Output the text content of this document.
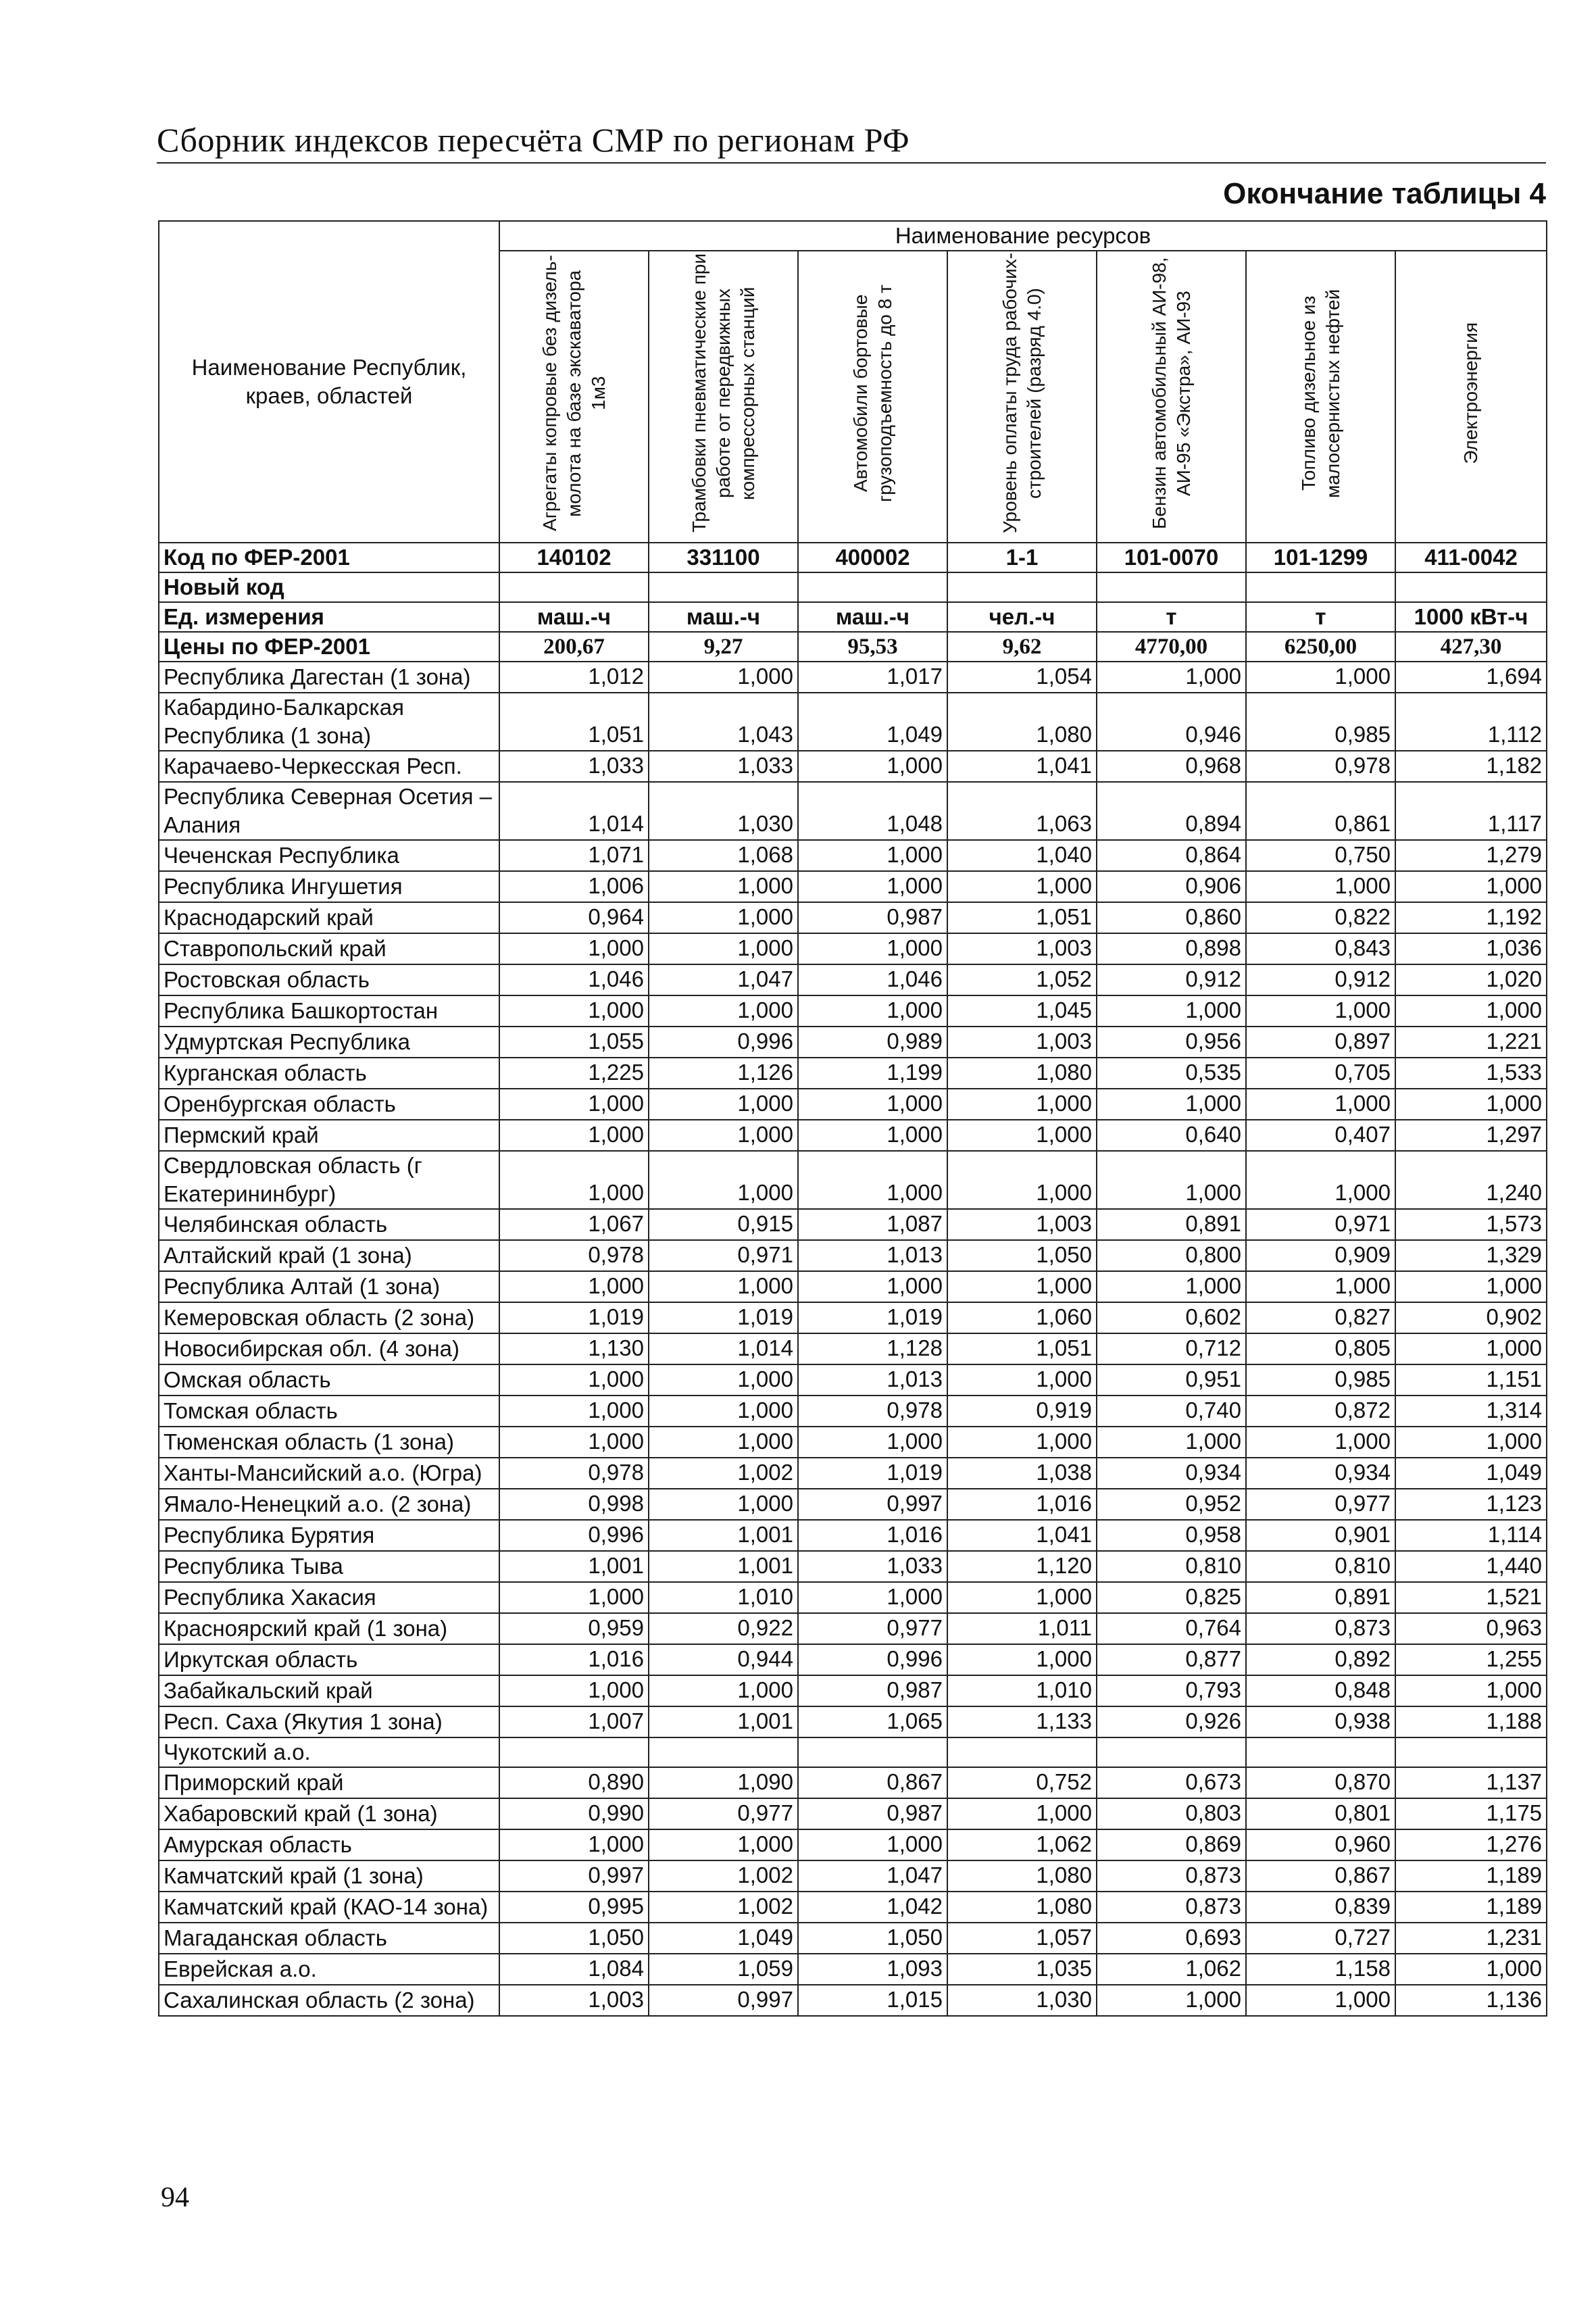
Сборник индексов пересчёта СМР по регионам РФ
Окончание таблицы 4
Наименование Республик, краев, областей	Наименование ресурсов						
	Агрегаты копровые без дизель-молота на базе экскаватора 1м3	Трамбовки пневматические при работе от передвижных компрессорных станций	Автомобили бортовые грузоподъемность до 8 т	Уровень оплаты труда рабочих-строителей (разряд 4.0)	Бензин автомобильный АИ-98, АИ-95 «Экстра», АИ-93	Топливо дизельное из малосернистых нефтей	Электроэнергия
Код по ФЕР-2001	140102	331100	400002	1-1	101-0070	101-1299	411-0042
Новый код							
Ед. измерения	маш.-ч	маш.-ч	маш.-ч	чел.-ч	т	т	1000 кВт-ч
Цены по ФЕР-2001	200,67	9,27	95,53	9,62	4770,00	6250,00	427,30
Республика Дагестан (1 зона)	1,012	1,000	1,017	1,054	1,000	1,000	1,694
Кабардино-Балкарская Республика (1 зона)	1,051	1,043	1,049	1,080	0,946	0,985	1,112
Карачаево-Черкесская Респ.	1,033	1,033	1,000	1,041	0,968	0,978	1,182
Республика Северная Осетия – Алания	1,014	1,030	1,048	1,063	0,894	0,861	1,117
Чеченская Республика	1,071	1,068	1,000	1,040	0,864	0,750	1,279
Республика Ингушетия	1,006	1,000	1,000	1,000	0,906	1,000	1,000
Краснодарский край	0,964	1,000	0,987	1,051	0,860	0,822	1,192
Ставропольский край	1,000	1,000	1,000	1,003	0,898	0,843	1,036
Ростовская область	1,046	1,047	1,046	1,052	0,912	0,912	1,020
Республика Башкортостан	1,000	1,000	1,000	1,045	1,000	1,000	1,000
Удмуртская Республика	1,055	0,996	0,989	1,003	0,956	0,897	1,221
Курганская область	1,225	1,126	1,199	1,080	0,535	0,705	1,533
Оренбургская область	1,000	1,000	1,000	1,000	1,000	1,000	1,000
Пермский край	1,000	1,000	1,000	1,000	0,640	0,407	1,297
Свердловская область (г Екатерининбург)	1,000	1,000	1,000	1,000	1,000	1,000	1,240
Челябинская область	1,067	0,915	1,087	1,003	0,891	0,971	1,573
Алтайский край (1 зона)	0,978	0,971	1,013	1,050	0,800	0,909	1,329
Республика Алтай (1 зона)	1,000	1,000	1,000	1,000	1,000	1,000	1,000
Кемеровская область (2 зона)	1,019	1,019	1,019	1,060	0,602	0,827	0,902
Новосибирская обл. (4 зона)	1,130	1,014	1,128	1,051	0,712	0,805	1,000
Омская область	1,000	1,000	1,013	1,000	0,951	0,985	1,151
Томская область	1,000	1,000	0,978	0,919	0,740	0,872	1,314
Тюменская область (1 зона)	1,000	1,000	1,000	1,000	1,000	1,000	1,000
Ханты-Мансийский а.о. (Югра)	0,978	1,002	1,019	1,038	0,934	0,934	1,049
Ямало-Ненецкий а.о. (2 зона)	0,998	1,000	0,997	1,016	0,952	0,977	1,123
Республика Бурятия	0,996	1,001	1,016	1,041	0,958	0,901	1,114
Республика Тыва	1,001	1,001	1,033	1,120	0,810	0,810	1,440
Республика Хакасия	1,000	1,010	1,000	1,000	0,825	0,891	1,521
Красноярский край (1 зона)	0,959	0,922	0,977	1,011	0,764	0,873	0,963
Иркутская область	1,016	0,944	0,996	1,000	0,877	0,892	1,255
Забайкальский край	1,000	1,000	0,987	1,010	0,793	0,848	1,000
Респ. Саха (Якутия 1 зона)	1,007	1,001	1,065	1,133	0,926	0,938	1,188
Чукотский а.о.							
Приморский край	0,890	1,090	0,867	0,752	0,673	0,870	1,137
Хабаровский край (1 зона)	0,990	0,977	0,987	1,000	0,803	0,801	1,175
Амурская область	1,000	1,000	1,000	1,062	0,869	0,960	1,276
Камчатский край (1 зона)	0,997	1,002	1,047	1,080	0,873	0,867	1,189
Камчатский край (КАО-14 зона)	0,995	1,002	1,042	1,080	0,873	0,839	1,189
Магаданская область	1,050	1,049	1,050	1,057	0,693	0,727	1,231
Еврейская а.о.	1,084	1,059	1,093	1,035	1,062	1,158	1,000
Сахалинская область (2 зона)	1,003	0,997	1,015	1,030	1,000	1,000	1,136
94
